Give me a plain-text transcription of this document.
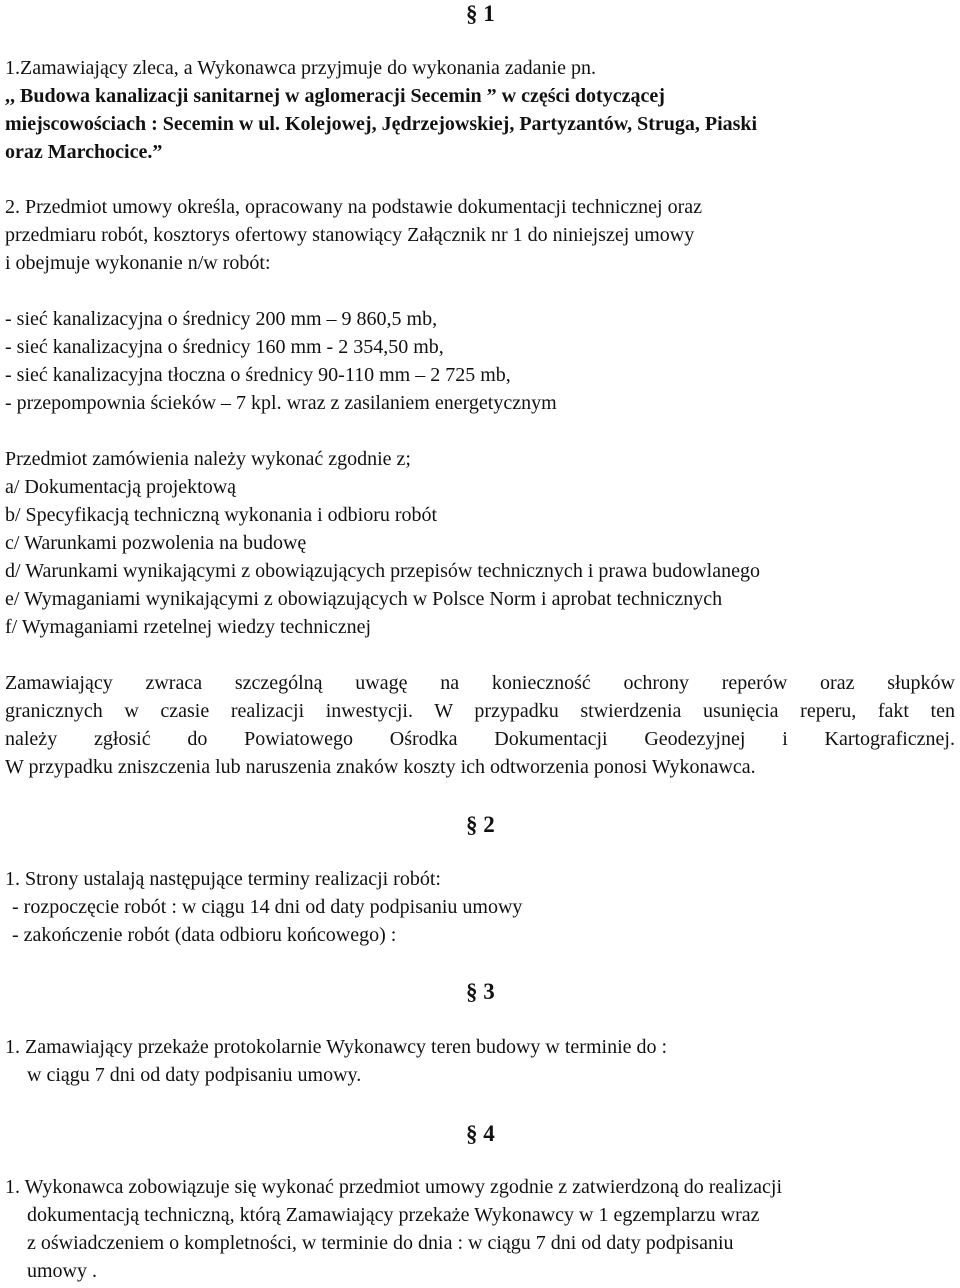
§ 1
1.Zamawiający zleca, a Wykonawca przyjmuje do wykonania zadanie pn.
,, Budowa kanalizacji sanitarnej w aglomeracji Secemin ” w części dotyczącej
miejscowościach : Secemin w ul. Kolejowej, Jędrzejowskiej, Partyzantów, Struga, Piaski
oraz Marchocice.”
2. Przedmiot umowy określa, opracowany na podstawie dokumentacji technicznej oraz
przedmiaru robót, kosztorys ofertowy stanowiący Załącznik nr 1 do niniejszej umowy
i obejmuje wykonanie n/w robót:
- sieć kanalizacyjna o średnicy 200 mm – 9 860,5 mb,
- sieć kanalizacyjna o średnicy 160 mm - 2 354,50 mb,
- sieć kanalizacyjna tłoczna o średnicy 90-110 mm – 2 725 mb,
- przepompownia ścieków – 7 kpl. wraz z zasilaniem energetycznym
Przedmiot zamówienia należy wykonać zgodnie z;
a/ Dokumentacją projektową
b/ Specyfikacją techniczną wykonania i odbioru robót
c/ Warunkami pozwolenia na budowę
d/ Warunkami wynikającymi z obowiązujących przepisów technicznych i prawa budowlanego
e/ Wymaganiami wynikającymi z obowiązujących w Polsce Norm i aprobat technicznych
f/ Wymaganiami rzetelnej wiedzy technicznej
Zamawiający zwraca szczególną uwagę na konieczność ochrony reperów oraz słupków
granicznych w czasie realizacji inwestycji. W przypadku stwierdzenia usunięcia reperu, fakt ten
należy zgłosić do Powiatowego Ośrodka Dokumentacji Geodezyjnej i Kartograficznej.
W przypadku zniszczenia lub naruszenia znaków koszty ich odtworzenia ponosi Wykonawca.
§ 2
1. Strony ustalają następujące terminy realizacji robót:
- rozpoczęcie robót : w ciągu 14 dni od daty podpisaniu umowy
- zakończenie robót (data odbioru końcowego) :
§ 3
1. Zamawiający przekaże protokolarnie Wykonawcy teren budowy w terminie do :
w ciągu 7 dni od daty podpisaniu umowy.
§ 4
1. Wykonawca zobowiązuje się wykonać przedmiot umowy zgodnie z zatwierdzoną do realizacji
dokumentacją techniczną, którą Zamawiający przekaże Wykonawcy w 1 egzemplarzu wraz
z oświadczeniem o kompletności, w terminie do dnia : w ciągu 7 dni od daty podpisaniu
umowy .
